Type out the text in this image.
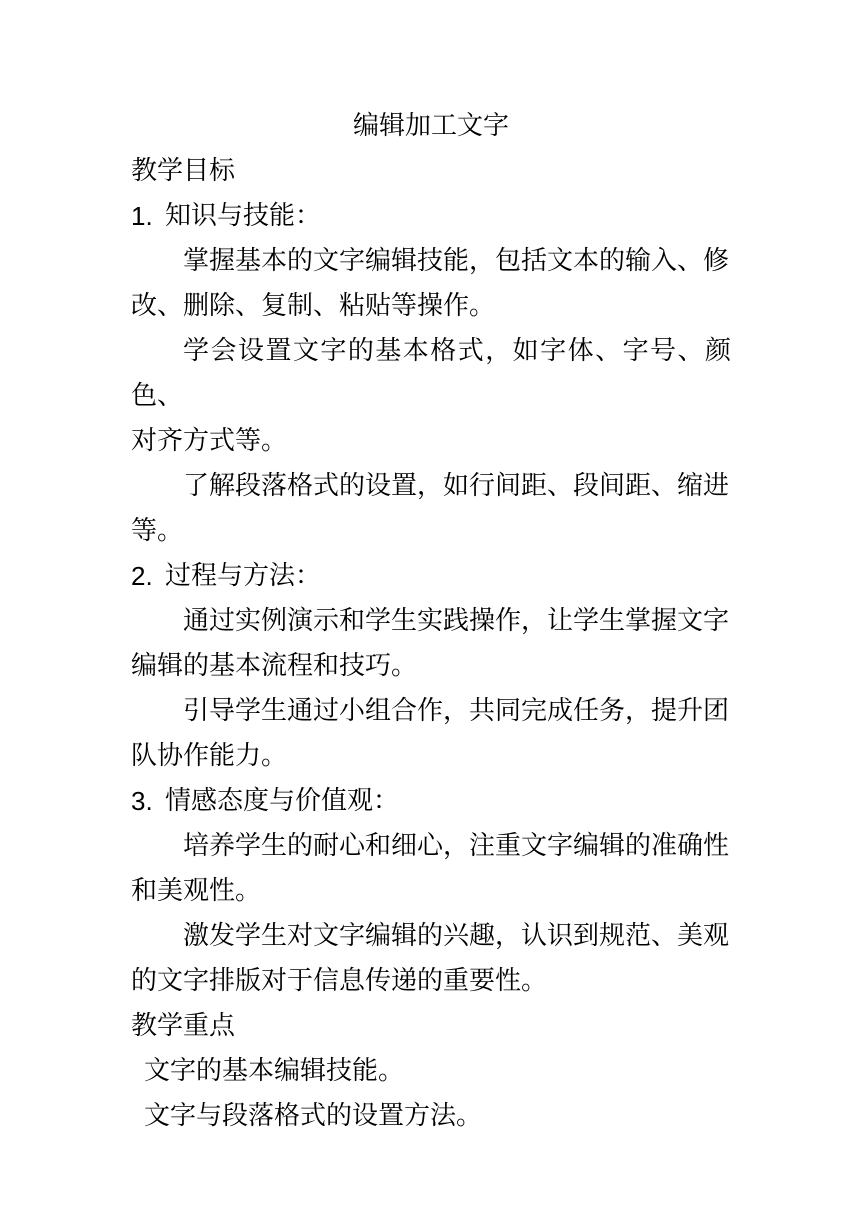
编辑加工文字
教学目标
1. 知识与技能：

掌握基本的文字编辑技能，包括文本的输入、修
改、删除、复制、粘贴等操作。

学会设置文字的基本格式，如字体、字号、颜色、
对齐方式等。

了解段落格式的设置，如行间距、段间距、缩进
等。

2. 过程与方法：

通过实例演示和学生实践操作，让学生掌握文字
编辑的基本流程和技巧。

引导学生通过小组合作，共同完成任务，提升团
队协作能力。

3. 情感态度与价值观：

培养学生的耐心和细心，注重文字编辑的准确性
和美观性。

激发学生对文字编辑的兴趣，认识到规范、美观
的文字排版对于信息传递的重要性。

教学重点

文字的基本编辑技能。

文字与段落格式的设置方法。
